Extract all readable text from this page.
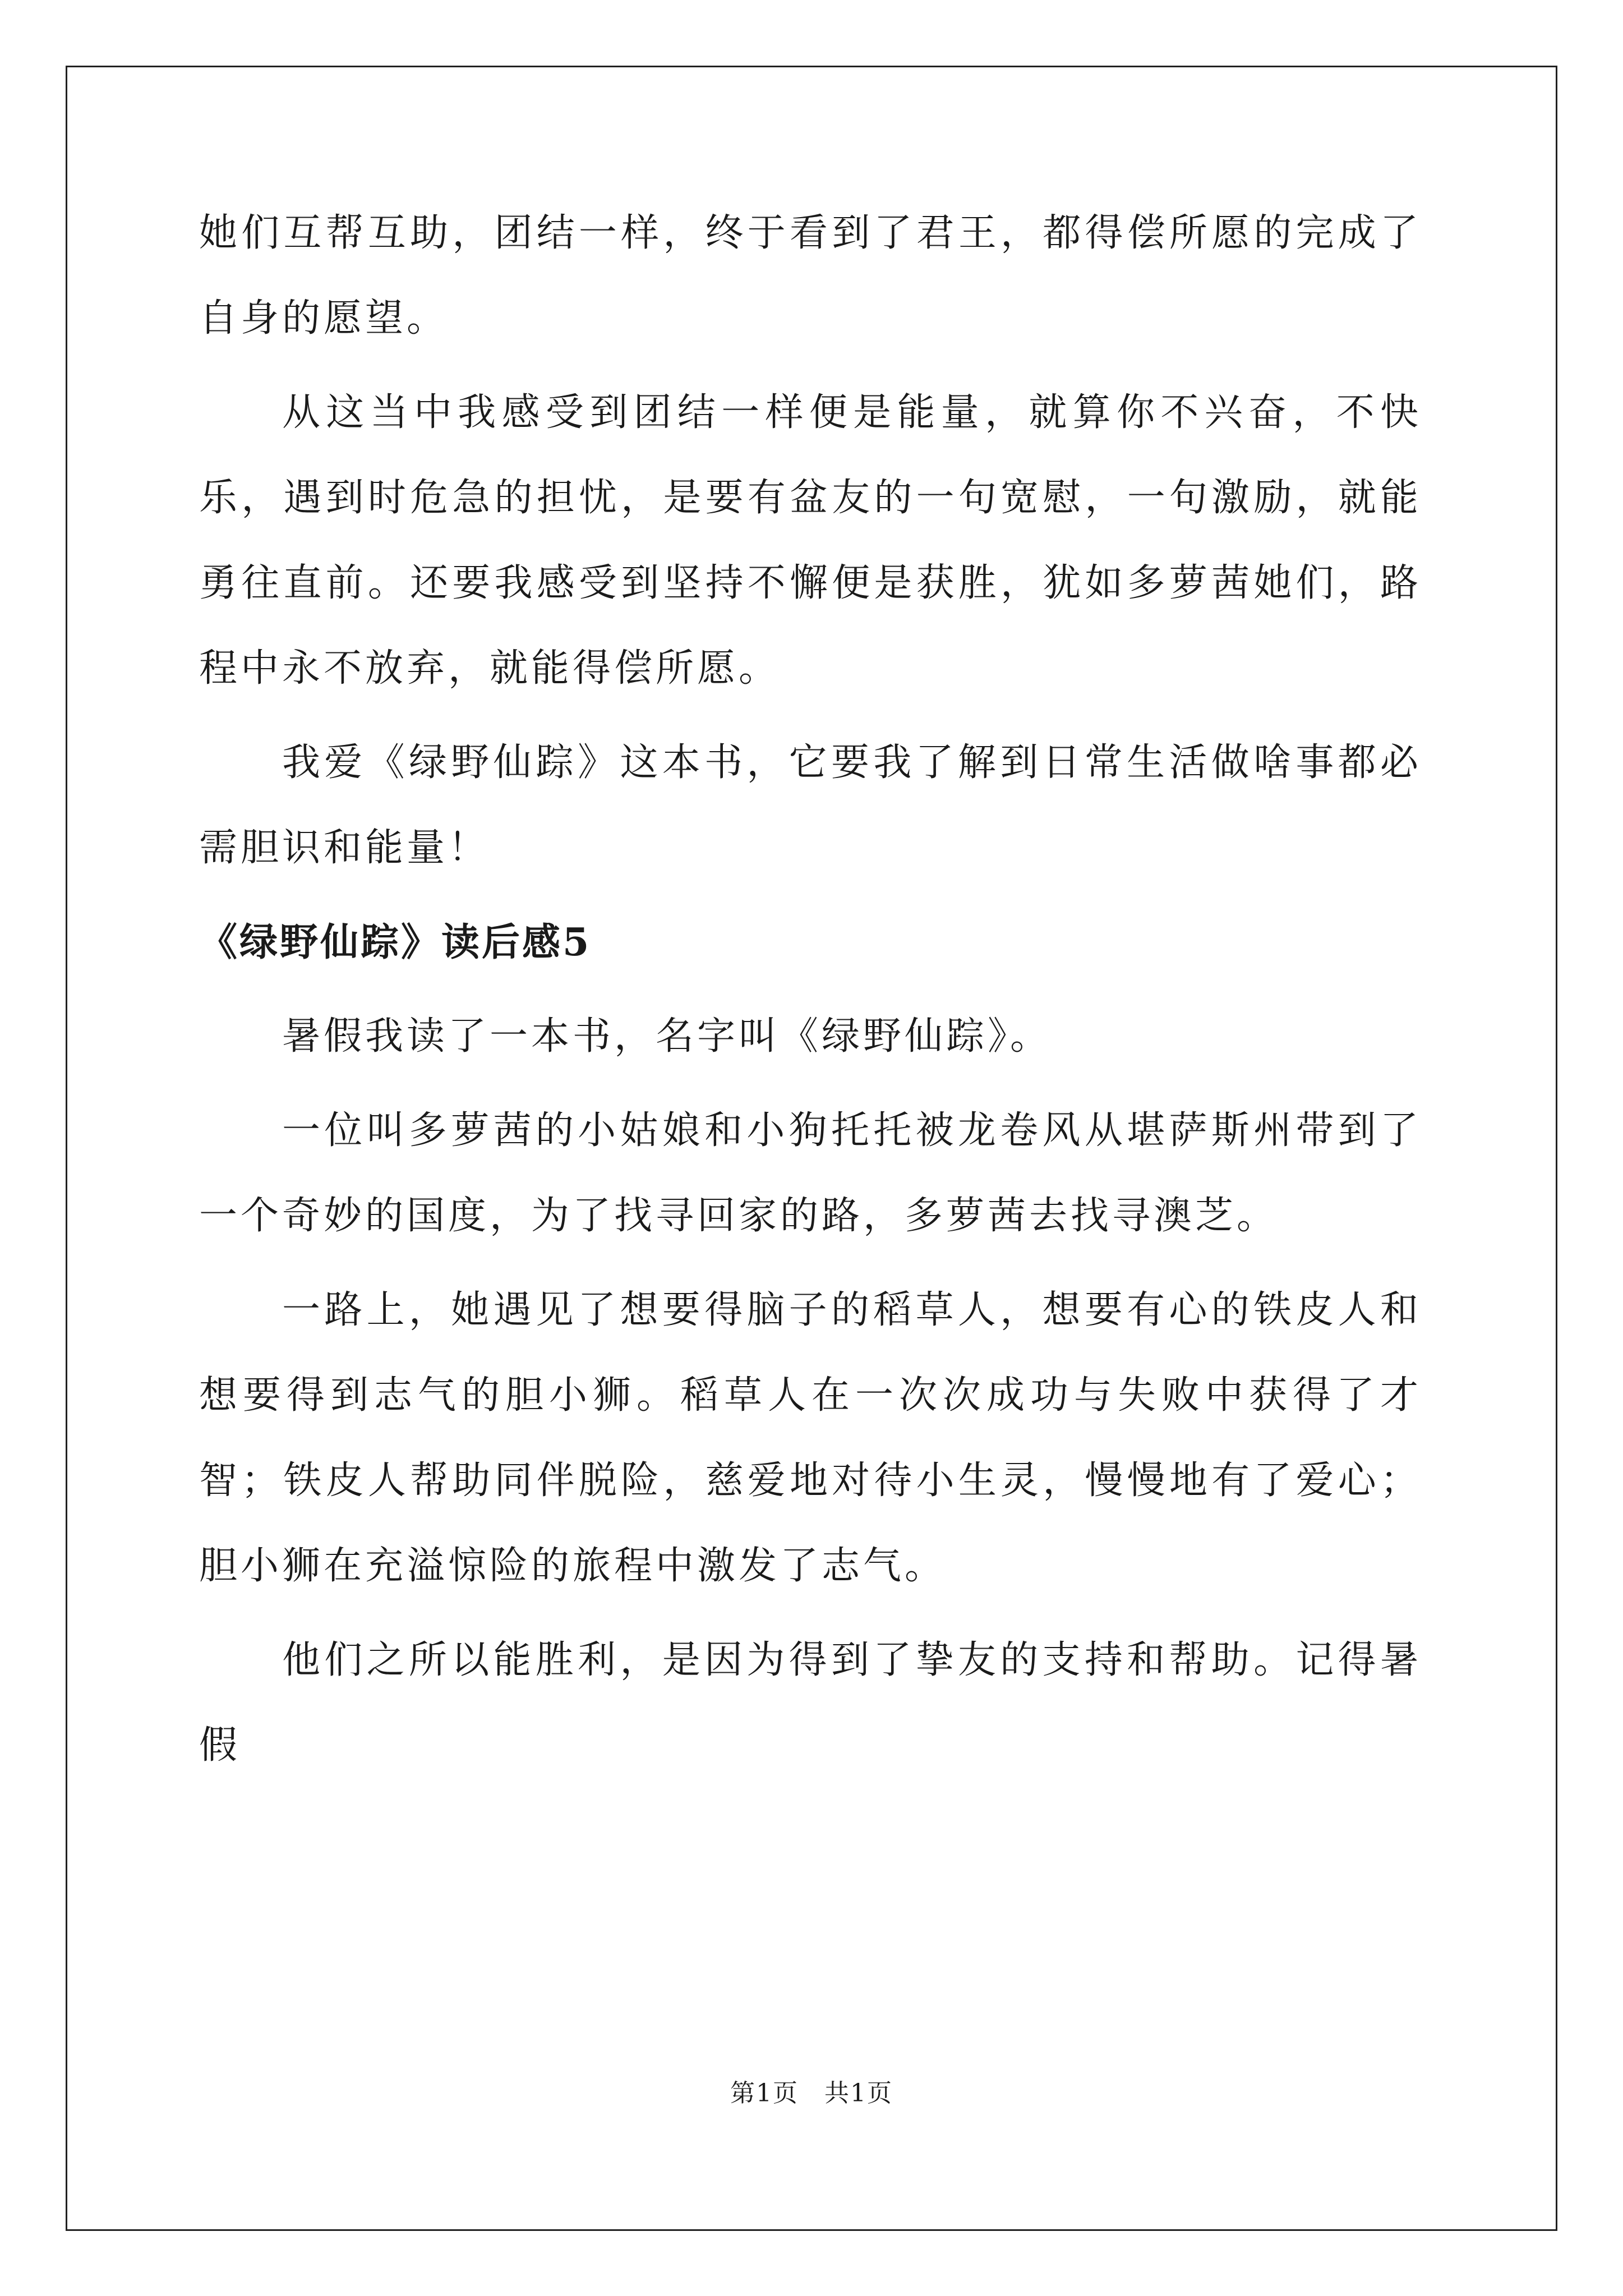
她们互帮互助，团结一样，终于看到了君王，都得偿所愿的完成了自身的愿望。

从这当中我感受到团结一样便是能量，就算你不兴奋，不快乐，遇到时危急的担忧，是要有盆友的一句宽慰，一句激励，就能勇往直前。还要我感受到坚持不懈便是获胜，犹如多萝茜她们，路程中永不放弃，就能得偿所愿。

我爱《绿野仙踪》这本书，它要我了解到日常生活做啥事都必需胆识和能量！

《绿野仙踪》读后感5

暑假我读了一本书，名字叫《绿野仙踪》。

一位叫多萝茜的小姑娘和小狗托托被龙卷风从堪萨斯州带到了一个奇妙的国度，为了找寻回家的路，多萝茜去找寻澳芝。

一路上，她遇见了想要得脑子的稻草人，想要有心的铁皮人和想要得到志气的胆小狮。稻草人在一次次成功与失败中获得了才智；铁皮人帮助同伴脱险，慈爱地对待小生灵，慢慢地有了爱心；胆小狮在充溢惊险的旅程中激发了志气。

他们之所以能胜利，是因为得到了挚友的支持和帮助。记得暑假

第1页　共1页
